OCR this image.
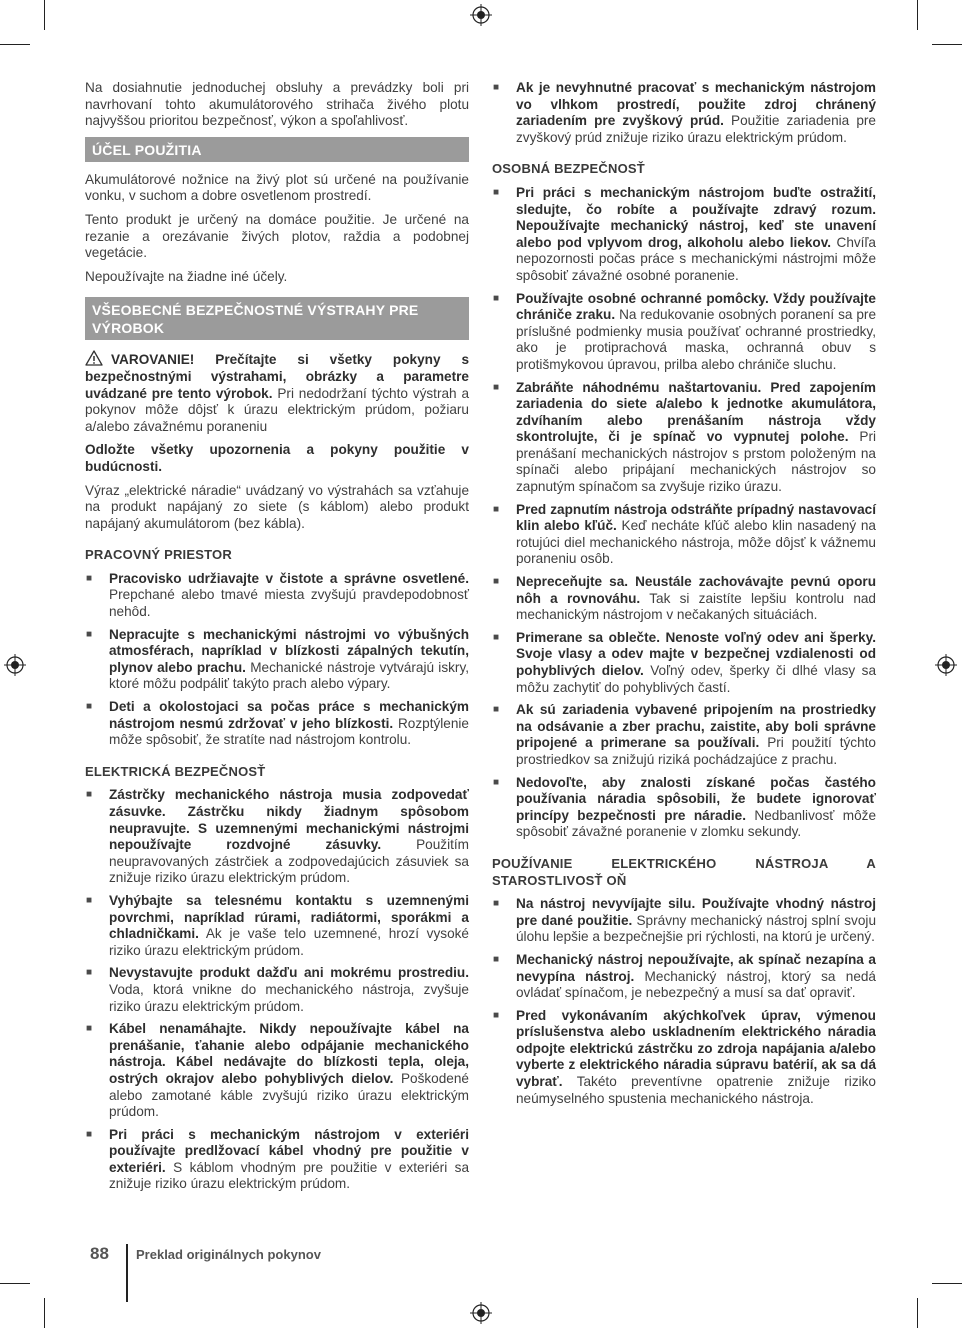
Na dosiahnutie jednoduchej obsluhy a prevádzky boli pri navrhovaní tohto akumulátorového strihača živého plotu najvyššou prioritou bezpečnosť, výkon a spoľahlivosť.

ÚČEL POUŽITIA

Akumulátorové nožnice na živý plot sú určené na používanie vonku, v suchom a dobre osvetlenom prostredí.

Tento produkt je určený na domáce použitie. Je určené na rezanie a orezávanie živých plotov, raždia a podobnej vegetácie.

Nepoužívajte na žiadne iné účely.

VŠEOBECNÉ BEZPEČNOSTNÉ VÝSTRAHY PRE VÝROBOK

VAROVANIE! Prečítajte si všetky pokyny s bezpečnostnými výstrahami, obrázky a parametre uvádzané pre tento výrobok. Pri nedodržaní týchto výstrah a pokynov môže dôjsť k úrazu elektrickým prúdom, požiaru a/alebo závažnému poraneniu

Odložte všetky upozornenia a pokyny použitie v budúcnosti.

Výraz „elektrické náradie“ uvádzaný vo výstrahách sa vzťahuje na produkt napájaný zo siete (s káblom) alebo produkt napájaný akumulátorom (bez kábla).

PRACOVNÝ PRIESTOR
■ Pracovisko udržiavajte v čistote a správne osvetlené. Prepchané alebo tmavé miesta zvyšujú pravdepodobnosť nehôd.
■ Nepracujte s mechanickými nástrojmi vo výbušných atmosférach, napríklad v blízkosti zápalných tekutín, plynov alebo prachu. Mechanické nástroje vytvárajú iskry, ktoré môžu podpáliť takýto prach alebo výpary.
■ Deti a okolostojaci sa počas práce s mechanickým nástrojom nesmú zdržovať v jeho blízkosti. Rozptýlenie môže spôsobiť, že stratíte nad nástrojom kontrolu.
ELEKTRICKÁ BEZPEČNOSŤ
■ Zástrčky mechanického nástroja musia zodpovedať zásuvke. Zástrčku nikdy žiadnym spôsobom neupravujte. S uzemnenými mechanickými nástrojmi nepoužívajte rozdvojné zásuvky. Použitím neupravovaných zástrčiek a zodpovedajúcich zásuviek sa znižuje riziko úrazu elektrickým prúdom.
■ Vyhýbajte sa telesnému kontaktu s uzemnenými povrchmi, napríklad rúrami, radiátormi, sporákmi a chladničkami. Ak je vaše telo uzemnené, hrozí vysoké riziko úrazu elektrickým prúdom.
■ Nevystavujte produkt dažďu ani mokrému prostrediu. Voda, ktorá vnikne do mechanického nástroja, zvyšuje riziko úrazu elektrickým prúdom.
■ Kábel nenamáhajte. Nikdy nepoužívajte kábel na prenášanie, ťahanie alebo odpájanie mechanického nástroja. Kábel nedávajte do blízkosti tepla, oleja, ostrých okrajov alebo pohyblivých dielov. Poškodené alebo zamotané káble zvyšujú riziko úrazu elektrickým prúdom.
■ Pri práci s mechanickým nástrojom v exteriéri používajte predlžovací kábel vhodný pre použitie v exteriéri. S káblom vhodným pre použitie v exteriéri sa znižuje riziko úrazu elektrickým prúdom.
■ Ak je nevyhnutné pracovať s mechanickým nástrojom vo vlhkom prostredí, použite zdroj chránený zariadením pre zvyškový prúd. Použitie zariadenia pre zvyškový prúd znižuje riziko úrazu elektrickým prúdom.
OSOBNÁ BEZPEČNOSŤ
■ Pri práci s mechanickým nástrojom buďte ostražití, sledujte, čo robíte a používajte zdravý rozum. Nepoužívajte mechanický nástroj, keď ste unavení alebo pod vplyvom drog, alkoholu alebo liekov. Chvíľa nepozornosti počas práce s mechanickými nástrojmi môže spôsobiť závažné osobné poranenie.
■ Používajte osobné ochranné pomôcky. Vždy používajte chrániče zraku. Na redukovanie osobných poranení sa pre príslušné podmienky musia používať ochranné prostriedky, ako je protiprachová maska, ochranná obuv s protišmykovou úpravou, prilba alebo chrániče sluchu.
■ Zabráňte náhodnému naštartovaniu. Pred zapojením zariadenia do siete a/alebo k jednotke akumulátora, zdvíhaním alebo prenášaním nástroja vždy skontrolujte, či je spínač vo vypnutej polohe. Pri prenášaní mechanických nástrojov s prstom položeným na spínači alebo pripájaní mechanických nástrojov so zapnutým spínačom sa zvyšuje riziko úrazu.
■ Pred zapnutím nástroja odstráňte prípadný nastavovací klin alebo kľúč. Keď necháte kľúč alebo klin nasadený na rotujúci diel mechanického nástroja, môže dôjsť k vážnemu poraneniu osôb.
■ Nepreceňujte sa. Neustále zachovávajte pevnú oporu nôh a rovnováhu. Tak si zaistíte lepšiu kontrolu nad mechanickým nástrojom v nečakaných situáciách.
■ Primerane sa oblečte. Nenoste voľný odev ani šperky. Svoje vlasy a odev majte v bezpečnej vzdialenosti od pohyblivých dielov. Voľný odev, šperky či dlhé vlasy sa môžu zachytiť do pohyblivých častí.
■ Ak sú zariadenia vybavené pripojením na prostriedky na odsávanie a zber prachu, zaistite, aby boli správne pripojené a primerane sa používali. Pri použití týchto prostriedkov sa znižujú riziká pochádzajúce z prachu.
■ Nedovoľte, aby znalosti získané počas častého používania náradia spôsobili, že budete ignorovať princípy bezpečnosti pre náradie. Nedbanlivosť môže spôsobiť závažné poranenie v zlomku sekundy.
POUŽÍVANIE ELEKTRICKÉHO NÁSTROJA A STAROSTLIVOSŤ OŇ
■ Na nástroj nevyvíjajte silu. Používajte vhodný nástroj pre dané použitie. Správny mechanický nástroj splní svoju úlohu lepšie a bezpečnejšie pri rýchlosti, na ktorú je určený.
■ Mechanický nástroj nepoužívajte, ak spínač nezapína a nevypína nástroj. Mechanický nástroj, ktorý sa nedá ovládať spínačom, je nebezpečný a musí sa dať opraviť.
■ Pred vykonávaním akýchkoľvek úprav, výmenou príslušenstva alebo uskladnením elektrického náradia odpojte elektrickú zástrčku zo zdroja napájania a/alebo vyberte z elektrického náradia súpravu batérií, ak sa dá vybrať. Takéto preventívne opatrenie znižuje riziko neúmyselného spustenia mechanického nástroja.
88 Preklad originálnych pokynov
